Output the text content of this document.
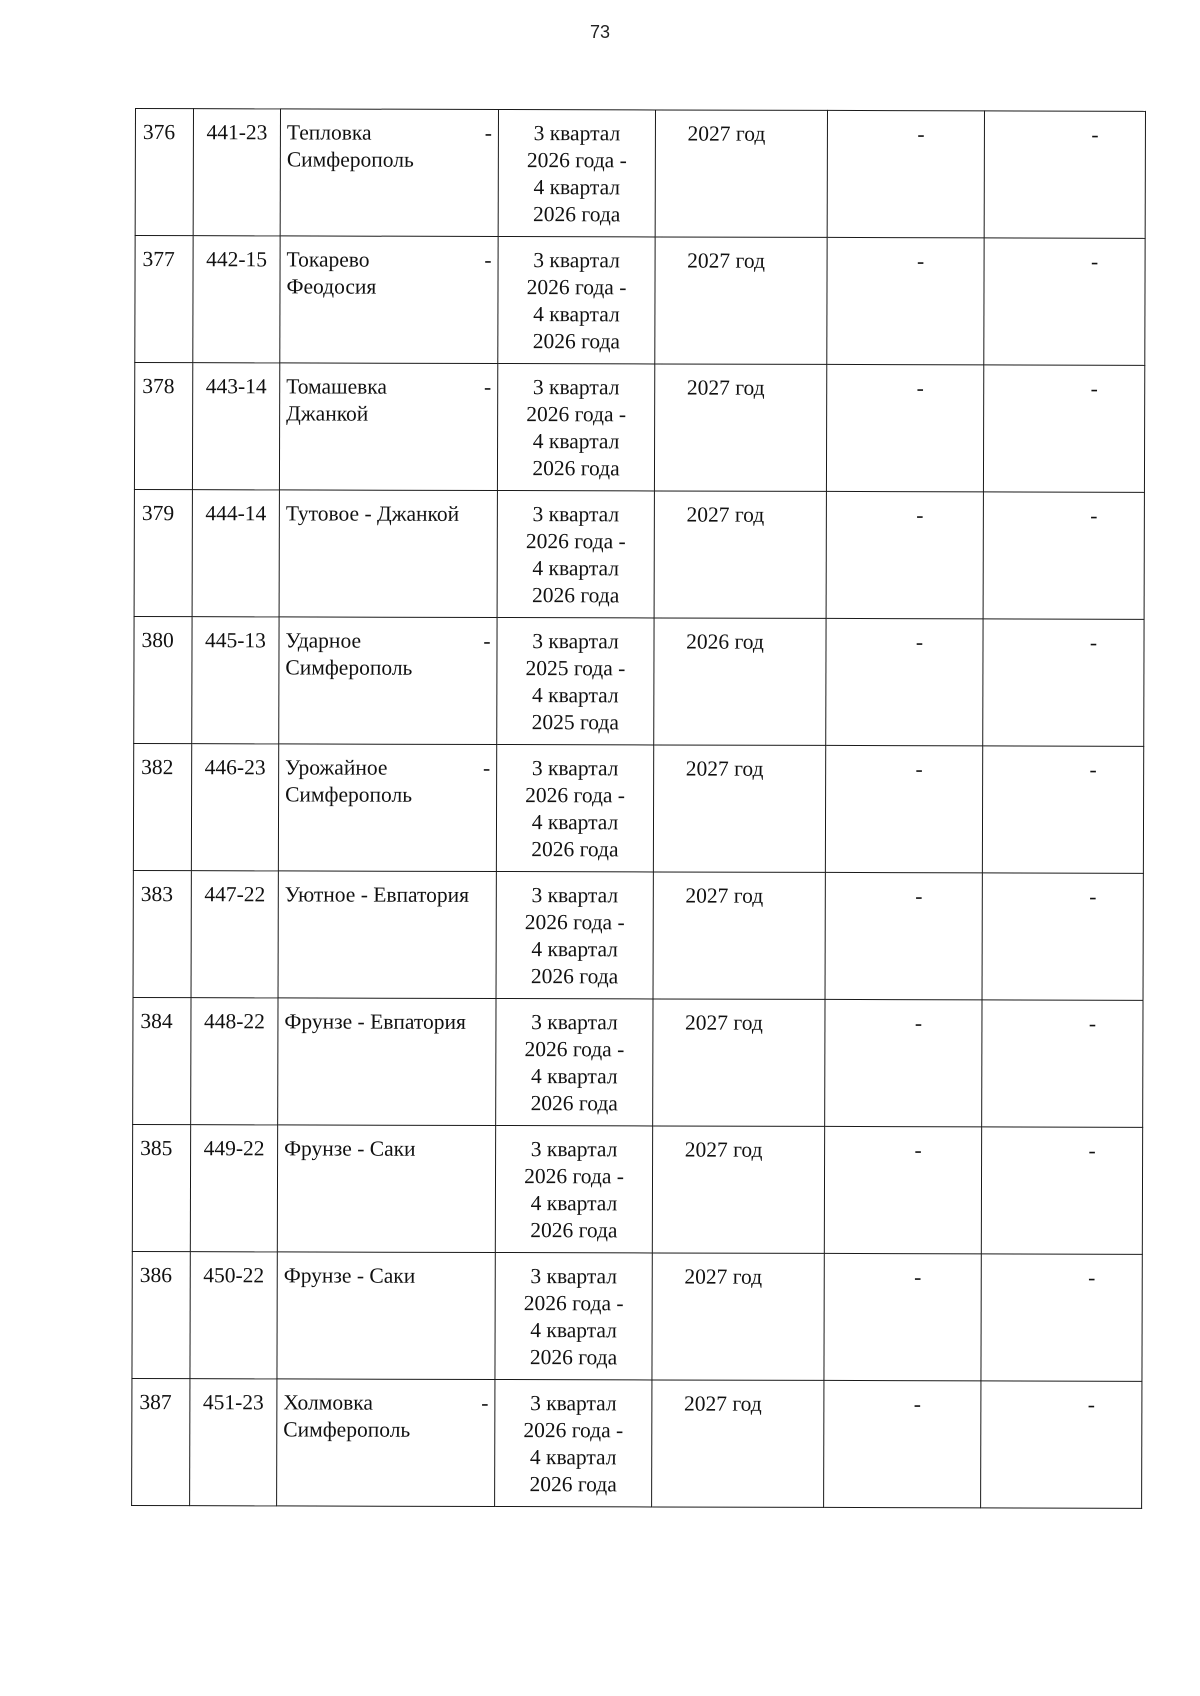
73
376	441-23	Тепловка -
Симферополь	3 квартал
2026 года -
4 квартал
2026 года	2027 год	-	-
377	442-15	Токарево -
Феодосия	3 квартал
2026 года -
4 квартал
2026 года	2027 год	-	-
378	443-14	Томашевка -
Джанкой	3 квартал
2026 года -
4 квартал
2026 года	2027 год	-	-
379	444-14	Тутовое - Джанкой	3 квартал
2026 года -
4 квартал
2026 года	2027 год	-	-
380	445-13	Ударное -
Симферополь	3 квартал
2025 года -
4 квартал
2025 года	2026 год	-	-
382	446-23	Урожайное -
Симферополь	3 квартал
2026 года -
4 квартал
2026 года	2027 год	-	-
383	447-22	Уютное - Евпатория	3 квартал
2026 года -
4 квартал
2026 года	2027 год	-	-
384	448-22	Фрунзе - Евпатория	3 квартал
2026 года -
4 квартал
2026 года	2027 год	-	-
385	449-22	Фрунзе - Саки	3 квартал
2026 года -
4 квартал
2026 года	2027 год	-	-
386	450-22	Фрунзе - Саки	3 квартал
2026 года -
4 квартал
2026 года	2027 год	-	-
387	451-23	Холмовка -
Симферополь	3 квартал
2026 года -
4 квартал
2026 года	2027 год	-	-
